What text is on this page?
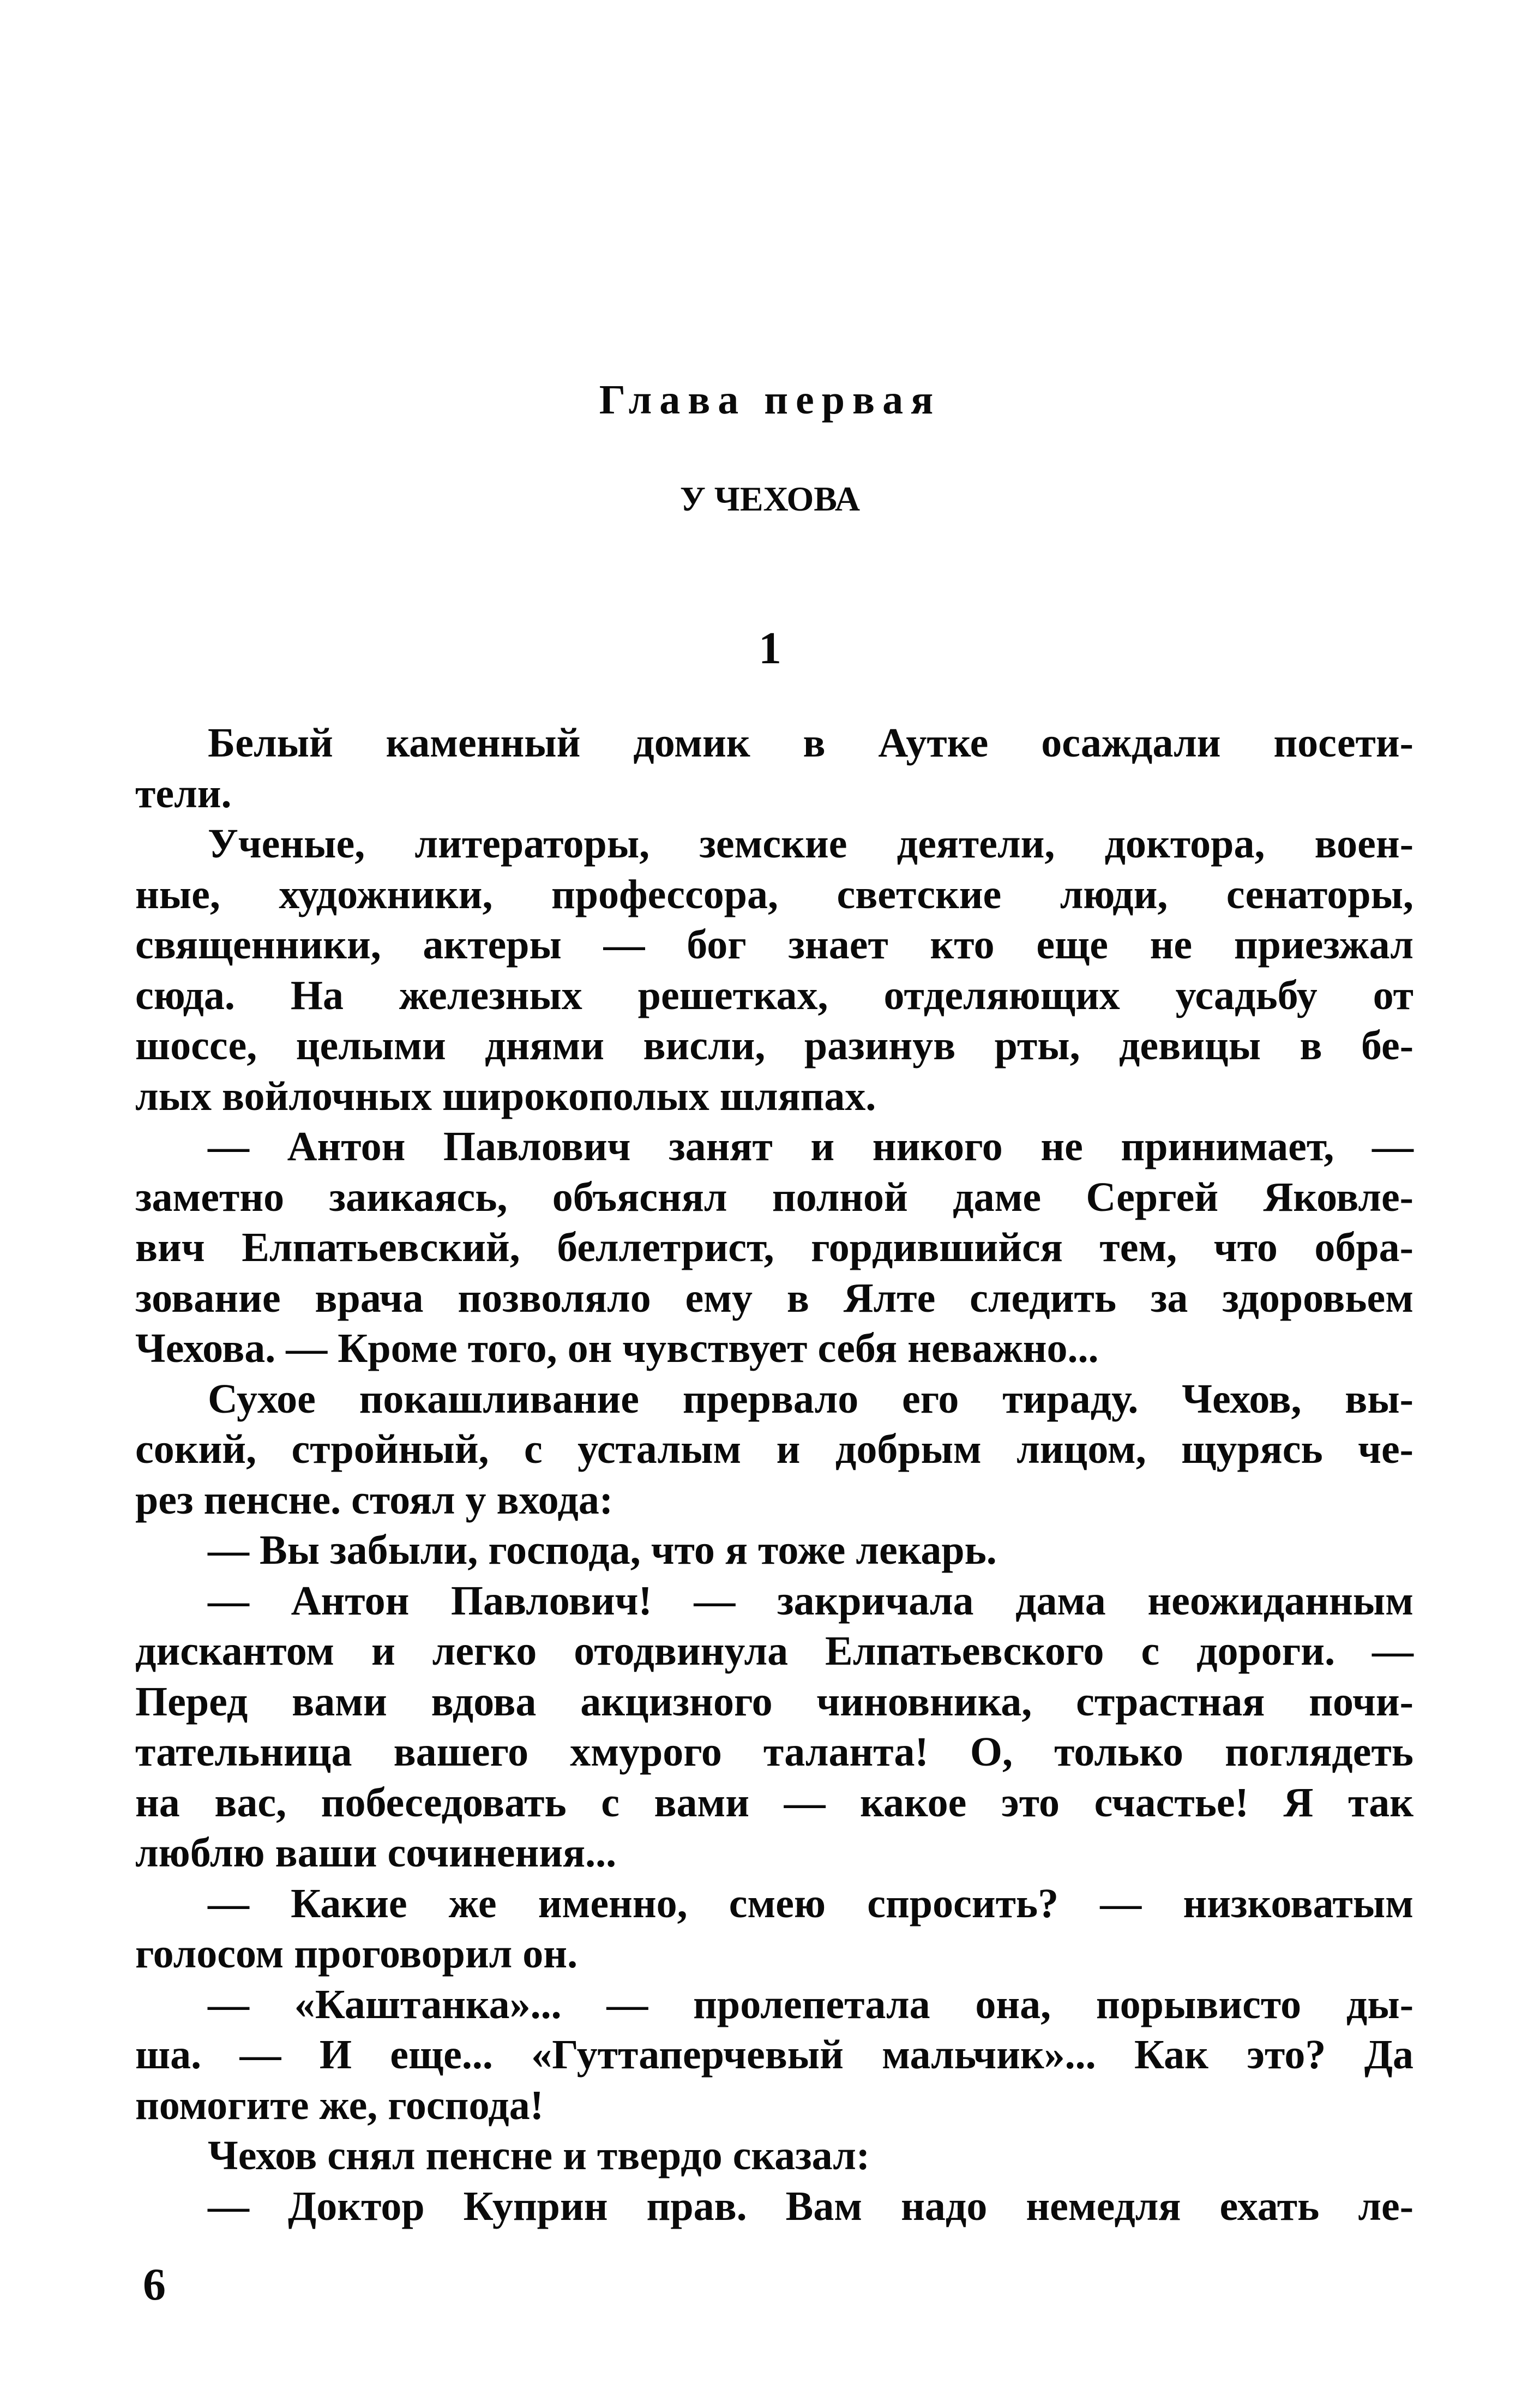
Глава первая
У ЧЕХОВА
1
Белый каменный домик в Аутке осаждали посети-
тели.
Ученые, литераторы, земские деятели, доктора, воен-
ные, художники, профессора, светские люди, сенаторы,
священники, актеры — бог знает кто еще не приезжал
сюда. На железных решетках, отделяющих усадьбу от
шоссе, целыми днями висли, разинув рты, девицы в бе-
лых войлочных широкополых шляпах.
— Антон Павлович занят и никого не принимает, —
заметно заикаясь, объяснял полной даме Сергей Яковле-
вич Елпатьевский, беллетрист, гордившийся тем, что обра-
зование врача позволяло ему в Ялте следить за здоровьем
Чехова. — Кроме того, он чувствует себя неважно...
Сухое покашливание прервало его тираду. Чехов, вы-
сокий, стройный, с усталым и добрым лицом, щурясь че-
рез пенсне. стоял у входа:
— Вы забыли, господа, что я тоже лекарь.
— Антон Павлович! — закричала дама неожиданным
дискантом и легко отодвинула Елпатьевского с дороги. —
Перед вами вдова акцизного чиновника, страстная почи-
тательница вашего хмурого таланта! О, только поглядеть
на вас, побеседовать с вами — какое это счастье! Я так
люблю ваши сочинения...
— Какие же именно, смею спросить? — низковатым
голосом проговорил он.
— «Каштанка»... — пролепетала она, порывисто ды-
ша. — И еще... «Гуттаперчевый мальчик»... Как это? Да
помогите же, господа!
Чехов снял пенсне и твердо сказал:
— Доктор Куприн прав. Вам надо немедля ехать ле-
6
